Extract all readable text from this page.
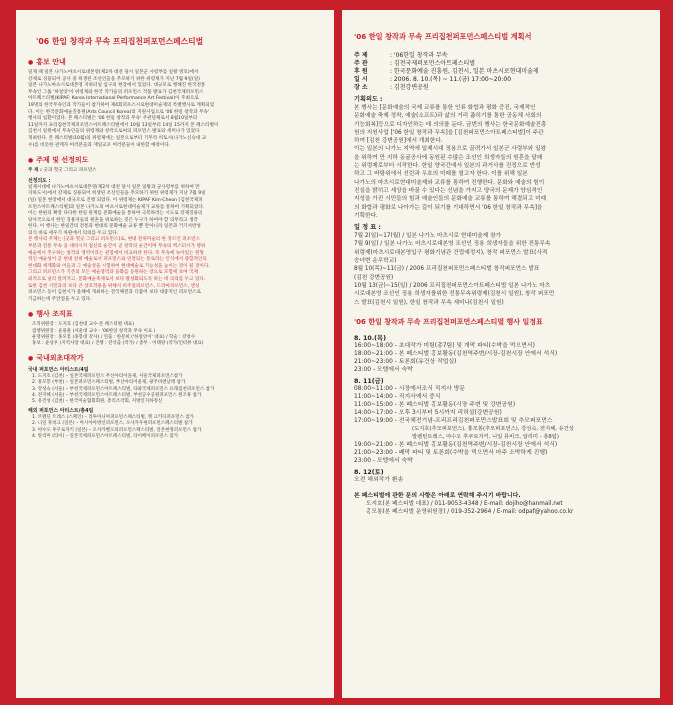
'06 한일 창작과 무속 프리집천퍼포먼스페스티벌
● 홍보 안내

일제 때 일본 나가노마츠시로대본영(제2차 대전 당시 일본군 사령부를 일왕 방호)에서

강제로 징용되어 공사 중 희생된 조선인들을 추모하기 위한 위령제가 지난 7월 9일(일)

일본 나가노마츠시로대본영 지하터널 입구의 현장에서 있었다. 대규모로 행해진 한국전통

무속인 그룹 '하얼앗'이 위령제와 한국 작가들의 퍼포먼스 작품 발표가 김천국제퍼포먼스

아트페스티벌(KIPAF: Korea International Performance Art Festival)이 주최으로

19명의 한국무속인과 작가들이 참가하여 제4회퍼포스시로현대미술제의 특별행사로 계획되었

다. 이는 한국문화예술진흥원(Arts Council Korea)의 지원사업으로 '06 한일 창작과 무속'

행사의 일환이었다. 본 페스티벌은 '06 한일 창작과 무속' 주관단체로서 8월10일부터

11일까지 프리집천국제퍼포먼스아트페스티벌에서 10월 13일부터 14일 15까지 본 페스티벌이

김천시 일원에서 무속인들의 위령제와 창작으로써의 퍼포먼스 발표와 세미나가 있었다

개최한다. 본 페스티벌(10월)의 위령제에는 일본으로부터 기무라 히토시(나가노신슈대 교

수)를 비롯한 관계자 여러분들과 재일교포 여러분들이 내한할 예정이다.

● 주제 및 선정의도

주 제 : 굿과 헛굿 그리고 퍼포먼스

선정의도 :

일제시대에 나가노마츠시로대본영(제2차 대전 당시 일본 일왕과 군사령부를 위하여 만

지하도시)에서 강제로 징용되어 희생된 조선인들을 추모하기 위한 위령제가 지난 7월 9일

(일) 일본 현장에서 대규모로 진행 되었다. 이 위령제는 KIPAF Kim-Cheon [김천국제퍼

포먼스아트페스티벌]과 일본 나가노의 마츠시로현대미술제가 교류를 통하여 기획되었다.

이는 한편의 확장 다다한 한일 관계를 문화예술을 통하여 극복하려는 시도로 강제징용의

당사국으로서 한인 징용자들의 원혼을 위로하는 것은 누구가 하여야 할 의무라고 생각

한다. 이 행사는 한일간의 전통과 현대의 문화예술 교류 뿐 만아니라 일본과 거기서반성

의식 바로 세우기 차원에서 의의를 두고 있다.

본 행사의 주제는 [굿과 헛굿 그리고 퍼포먼스]로, 현대 전위미술의 한 장르인 퍼포먼스

부분과 전통 무속 을 대비시켜 접신의 순간이 곧 창작의 순간이며 무속의 엑스터시가 행위

예술에서 추구하는 창작의 영역이라는 관점에서 비교하려 한다. 즉 무속에 녹아있는 원형

적인 예술성이 곧 현대 전위 예술로서 퍼포먼스와 연결되는 통로라는 인식에서 종합적인의

현대화 세계화와 이들과 그 예술성을 시험하여 현대예술로 가능성을 높이는 것이 될 것이다.

그리고 퍼포먼스가 기존의 모든 예술영역과 융화를 동원하는 장으로 모험에 보여 국제

외적으로 널리 알려지고, 문화예술축제로서 보다 활성화되도록 하는 데 의의를 두고 있다.

또한 김천 시민과의 보다 큰 상호작용을 위해서 비주얼퍼포먼스, 드라마퍼포먼스, 앤싱

퍼포먼스 등이 김천시가 올해에 개최하는 전국체전과 더불어 보다 대중적인 퍼포먼스로

기금하는데 주안점을 두고 있다.

● 행사 조직표

조직위원장 : 도지호 (김천대 교수·본 페스티벌 대표)

집행위원장 : 윤용훈 (서울대 교수 · '06한일 창작과 무속 이표 )

운영위원장 : 홍모봉 (홍봉대 강사) / 연출 : 한문희 ('하얼앗이' 대표) / 학술 : 강창수

홍보 : 윤상우 (지역사랑 대표) / 진행 : 진석출 (작가) / 총무 : 이태양 (작가/인터뷰 대표)

● 국내외초대작가
국내 퍼포먼스 아티스트/4팀

1. 도지호 (김천) – 일본국제퍼포먼스 무신아티어올제, 서울국제퍼포먼스참가

2. 홍모봉 (부천) – 일본퍼포먼스페스티벌, 부산아티어울제, 광주비엔날레 참가

3. 강성숙 (서울) – 부천국제퍼포먼스아트페스티벌, 타퐈국제퍼포먼스 프래집천퍼포먼스 참가

4. 전지혜 (서울) – 부천국제퍼포먼스아트페스티벌, 부천공수공원퍼포먼스 원조휴 참가

5. 유건성 (김천) – 한국미술협회회원, 총리조각회, 지방인지하정신

해외 퍼포먼스 아티스트/총4팀

1. 브렌딘 트레스 (스페인) – 리투아니아퍼포먼스페스티벌, 엥 크카디퍼포먼스 참가

2. 니일 뮤비크 (일본) – 아시아아방신퍼포먼스, 오사카우편퍼포먼스페스티벌 참가

3. 야수오 후쿠로자키 (일본) – 오사카벤오피퍼포먼스페스티벌, 일본현정퍼포먼스 참가

4. 알리미 (티이) – 일본국제퍼포먼스아트페스티벌, 타이베이퍼포먼스 참가

'06 한일 창작과 무속 프리집천퍼포먼스페스티벌 계획서

주 제	: '06한일 창작과 무속

주 관	: 김천국제퍼포먼스아트페스티벌

후 원	: 한국문화예술 진흥원, 김천시, 일본 마츠시로현대미술제

일 시	: 2006. 8. 10.(목) ~ 11.(금) 17:00~20:00

장 소	: 김천강변공원

기획의도 :

본 행사는 [문화예술의 국제 교류를 통한 인류 화합과 평화 증진, 국제적인

문화예술 축제 정착, 예술(소프트)과 삶의 거리 좁히기를 통한 공동체 사회의

기능회복]등으로 디자인하는 데 의의를 둔다. 금번의 행사는 한국문화예술진흥

원의 지원사업 ['06 한일 창작과 무속]을 [김천퍼포먼스아트페스티벌]이 주관

하여 [김천 강변공원]에서 개최한다.

이는 일본의 나가노 지역에 일제시대 징용으로 끌려가서 일본군 사령부와 일왕

을 위하여 만 지하 동굴공사에 동원된 수많은 조선인 희생자들의 원혼을 달래

는 위령제로부터 시작한다. 한일 양국간에서 일본의 과거사를 진정으로 반성

하고 그 바탕위에서 선린과 우호의 미래를 열고자 한다. 이를 위해 일본

나가노의 마츠시로현대미술제와 교류를 통하여 진행한다. 문화와 예술의 힘이

진실을 밝히고 세상을 바꿀 수 있다는 신념을 가지고 양국의 문제가 양심적인

지성을 가진 시민들의 힘과 예술인들의 문화예술 교류를 통하여 해결되고 미래

의 화합과 평화로 나아가는 길이 되기를 기대하면서 '06 한일 창작과 무속]을

기획한다.

일 정 표 :

7월 2(일)~17(월) / 일본 나가노 마츠시로 현대미술제 참가

7월 9(일) / 일본 나가노 마츠시로대본영 조선인 징용 희생자들을 위한 전통무속

위령제(마츠시로대본영입구 평화기념관 건립예정지), 창작 퍼포먼스 발표(사적

숭녀변 운무학교)

8월 10(목)~11(금) / 2006 프리집천퍼포먼스페스티벌 창작퍼포먼스 발표

(김천 강변공원)

10월 13(금)~15(일) / 2006 프리집천퍼포먼스아트페스티벌 일본 나가노 마츠

시로대본영 조선인 징용 희생자를위한 전통무속위령제(김천시 일원), 창작 퍼포먼

스 발표(김천시 일원), 한일 창작과 무속 세미나(김천시 일원)

'06 한일 창작과 무속 프리집천퍼포먼스페스티벌 행사 일정표
8. 10.(목)
16:00~18:00 - 초대작가 미팅(총7팀) 및 개막 파티(수박을 먹으면서)
18:00~21:00 - 본 페스티벌 홍보활동(김천역주변/시장-김천시장 안에서 석식)
21:00~23:00 - 토론회(유건상 작업실)
23:00 - 모텔에서 숙박
8. 11(금)
08:00~11:00 - 시장에서조식 직지사 방문
11:00~14:00 - 직지사에서 중식
11:00~15:00 - 본 페스티벌 홍보활동(시장 주변 및 강변공원)
14:00~17:00 - 오후 3시부터 5시까지 리허설(강변공원)
17:00~19:00 - 전국체전기념-프리프리김천퍼포먼스발표회 및 추모퍼포먼스
(도지호(추모퍼포먼스), 홍모봉(추모퍼포먼스), 강성숙, 전지혜, 유건상
발렌틴트레스, 야수오 후쿠로자키, 니일 뮤비크, 알리미 - 총8팀)
19:00~21:00 - 본 페스티벌 홍보활동(김천역주변/시장-김천시장 안에서 석식)
21:00~23:00 - 폐막 파티 및 토론회(수박을 먹으면서 마주 소박하게 진행)
23:00 - 모텔에서 숙박
8. 12(토)
오전 해외작가 환송
본 페스티벌에 관한 문의 사항은 아래로 연락해 주시기 바랍니다.

도지호(본 페스티벌 대표) / 011-9053-4348 / E-mail: dojiho@hanmail.net

홍모봉(본 페스티벌 운영위원장) / 019-352-2964 / E-mail: odpaf@yahoo.co.kr
